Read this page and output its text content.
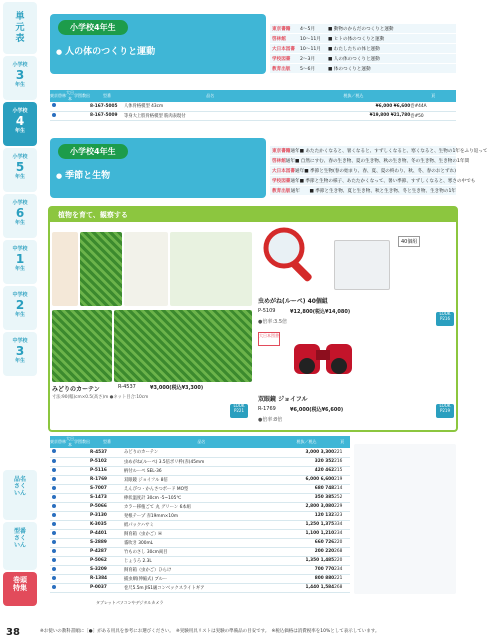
単元表
小学校
3
年生
小学校
4
年生
小学校
5
年生
小学校
6
年生
中学校
1
年生
中学校
2
年生
中学校
3
年生
品名さくいん
型番さくいん
巻頭特集
38
小学校4年生
● 人の体のつくりと運動
東京書籍	4～5月	■ 動物のからだのつくりと運動
啓林館	10～11月	■ ヒトの体のつくりと運動
大日本図書	10～11月	■ わたしたちの体と運動
学校図書	2～3月	■ 人の体のつくりと運動
教育出版	5～6月	■ 体のつくりと運動
東京	啓林	大日本	学図	教出	型番	品名		税抜／税込	頁
					8-167-5005	人体骨格模型 43cm		¥6,000 ¥6,600	巻#44A
					8-167-5009	等身大上肢骨格模型 筋肉表現付		¥19,800 ¥21,780	巻#50
小学校4年生
● 季節と生物
東京書籍 通年 ■ あたたかくなると、暑くなると、すずしくなると、寒くなると、生物の1年をふり返って
啓林館 通年 ■ 自然にすむ、春の生き物、夏の生き物、秋の生き物、冬の生き物、生き物の1年間
大日本図書 通年 ■ 季節と生物(春の始まり、春、夏、夏の終わり、秋、冬、春のおとずれ)
学校図書 通年 ■ 季節と生物の様子、あたたかくなって、暑い季節、すずしくなると、寒さの中でも
教育出版 通年	■ 季節と生き物、夏と生き物、秋と生き物、冬と生き物、生き物の1年
植物を育て、観察する
みどりのカーテン	R-4537	¥3,000(税込¥3,300)
寸法:90(幅)cm×0.5(高さ)m ●ネット目合:10cm
LOOK P221
40個組
虫めがね(ルーペ) 40個組
P-5109	¥12,800(税込¥14,080)
●倍率:3.5倍
LOOK P216
大日本図書
双眼鏡 ジョイフル
R-1769	¥6,000(税込¥6,600)
●倍率:8倍
LOOK P219
東京	啓林	大日本	学図	教出	型番	品名		税抜／税込	頁
					R-4537	みどりのカーテン		3,000 3,300	221
					P-5102	虫めがね(ルーペ) 3.5倍ポリ枠(赤)45mm		320 352	216
					P-5116	柄付ルーペ SEL-36		420 462	215
					R-1769	双眼鏡 ジョイフル 8倍		6,000 6,600	219
					S-7007	えんぴつ・かんさつボード MO型		680 748	214
					S-1473	棒状温度計 30cm -5~105℃		350 385	252
					P-5066	カラー移植ごて 丸 グリーン 6本組		2,800 3,080	229
					P-3130	発根テープ 赤19mm×10m		120 132	323
					K-3035	紙パックハサミ		1,250 1,375	334
					P-4401	飼育箱（虫かご）H		1,100 1,210	234
					S-2889	霧吹き 300mL		660 726	220
					P-4287	竹ものさし 30cm両目		200 220	268
					P-5062	じょうろ 2.3L		1,350 1,485	220
					S-3209	飼育箱（虫かご）ひらけ		700 770	234
					R-1384	捕虫網(伸縮式) ブルー		800 880	221
					P-0037	巻尺5.5m JIS1級コンベックスライトギア		1,440 1,584	268
タブレットパソコンやデジタルカメラ
※お使いの教科書順に［●］がある用具を参考にお選びください。　※実験用具リストは実験の準備品の目安です。　※税込価格は消費税率を10%として表示しています。
